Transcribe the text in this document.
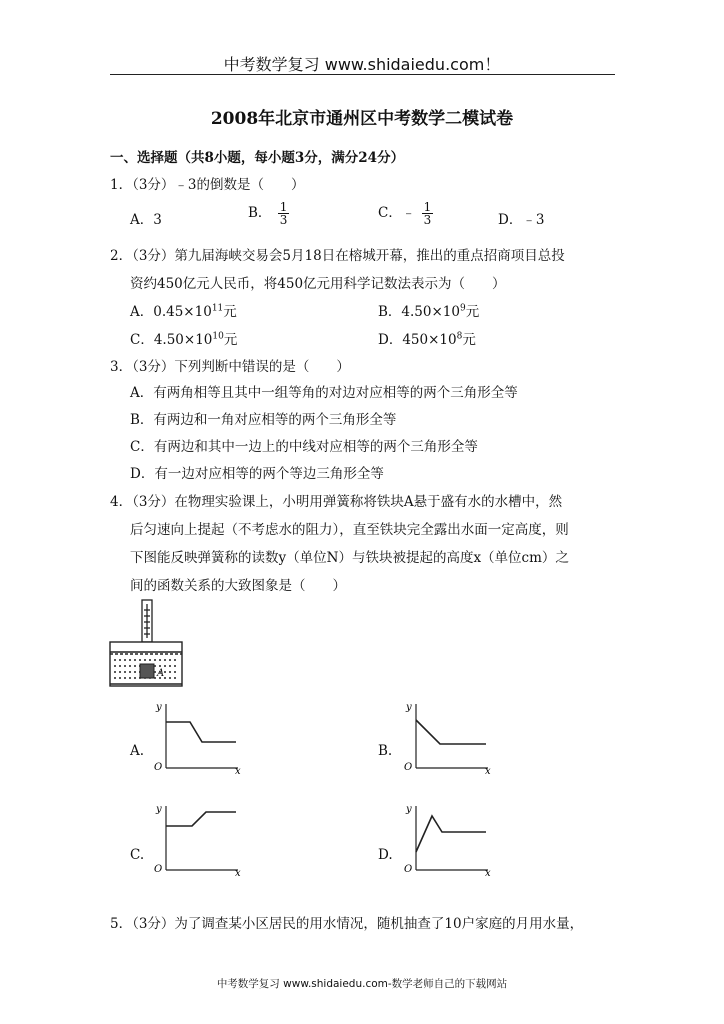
中考数学复习 www.shidaiedu.com！
2008年北京市通州区中考数学二模试卷
一、选择题（共8小题，每小题3分，满分24分）
1．（3分）﹣3的倒数是（　　）
A．3	B． $\frac{1}{3}$	C．﹣ $\frac{1}{3}$	D．﹣3
2．（3分）第九届海峡交易会5月18日在榕城开幕，推出的重点招商项目总投
资约450亿元人民币，将450亿元用科学记数法表示为（　　）
A．$0.45\times 10^{11}$元	B．$4.50\times 10^9$元
C．$4.50\times 10^{10}$元	D．$450\times 10^8$元
3．（3分）下列判断中错误的是（　　）
A．有两角相等且其中一组等角的对边对应相等的两个三角形全等
B．有两边和一角对应相等的两个三角形全等
C．有两边和其中一边上的中线对应相等的两个三角形全等
D．有一边对应相等的两个等边三角形全等
4．（3分）在物理实验课上，小明用弹簧称将铁块A悬于盛有水的水槽中，然
后匀速向上提起（不考虑水的阻力），直至铁块完全露出水面一定高度，则
下图能反映弹簧称的读数y（单位N）与铁块被提起的高度x（单位cm）之
间的函数关系的大致图象是（　　）
A
A.	B.
C.	D.
y
x
O
y
x
O
y
x
O
y
x
O
5．（3分）为了调查某小区居民的用水情况，随机抽查了10户家庭的月用水量，
中考数学复习 www.shidaiedu.com-数学老师自己的下载网站
